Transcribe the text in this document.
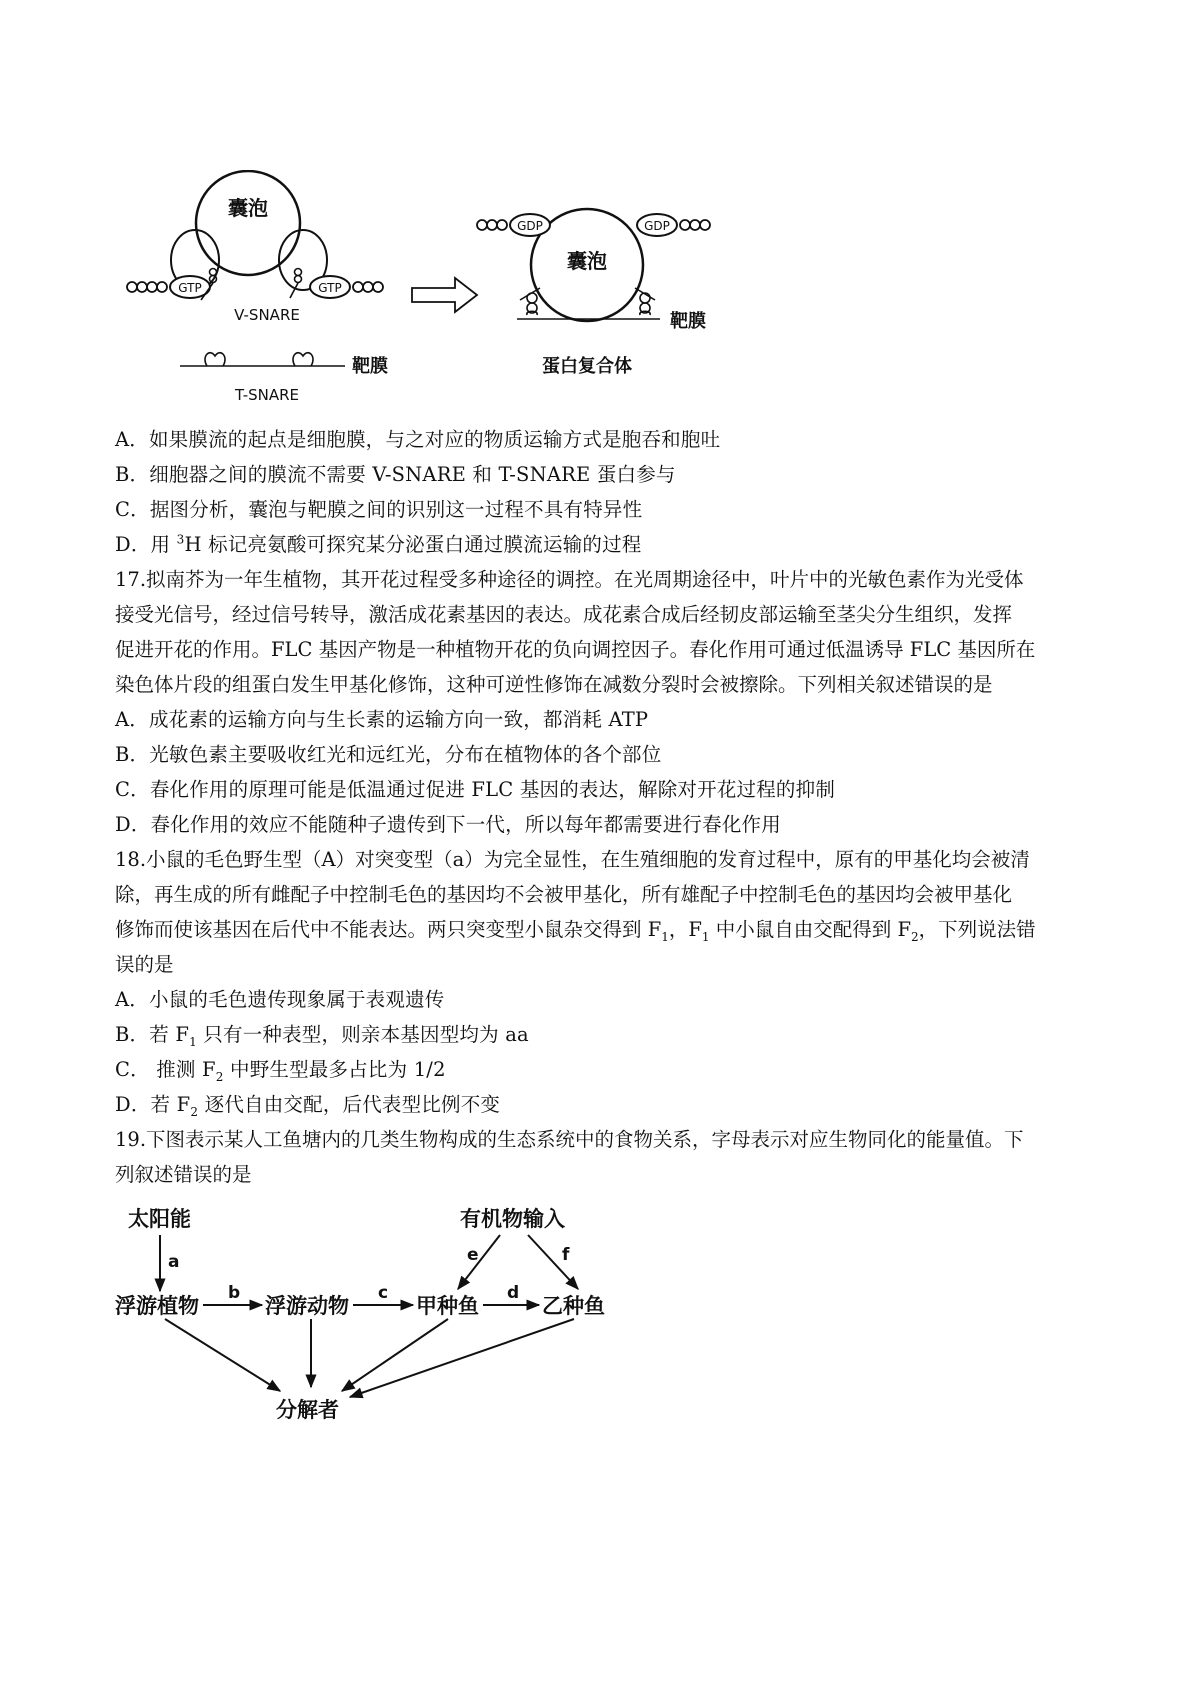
囊泡
GTP	GTP
V-SNARE
靶膜
T-SNARE
囊泡
GDP	GDP
靶膜
蛋白复合体
A．如果膜流的起点是细胞膜，与之对应的物质运输方式是胞吞和胞吐
B．细胞器之间的膜流不需要 V-SNARE 和 T-SNARE 蛋白参与
C．据图分析，囊泡与靶膜之间的识别这一过程不具有特异性
D．用 $^3$H 标记亮氨酸可探究某分泌蛋白通过膜流运输的过程
17.拟南芥为一年生植物，其开花过程受多种途径的调控。在光周期途径中，叶片中的光敏色素作为光受体
接受光信号，经过信号转导，激活成花素基因的表达。成花素合成后经韧皮部运输至茎尖分生组织，发挥
促进开花的作用。FLC 基因产物是一种植物开花的负向调控因子。春化作用可通过低温诱导 FLC 基因所在
染色体片段的组蛋白发生甲基化修饰，这种可逆性修饰在减数分裂时会被擦除。下列相关叙述错误的是
A．成花素的运输方向与生长素的运输方向一致，都消耗 ATP
B．光敏色素主要吸收红光和远红光，分布在植物体的各个部位
C．春化作用的原理可能是低温通过促进 FLC 基因的表达，解除对开花过程的抑制
D．春化作用的效应不能随种子遗传到下一代，所以每年都需要进行春化作用
18.小鼠的毛色野生型（A）对突变型（a）为完全显性，在生殖细胞的发育过程中，原有的甲基化均会被清
除，再生成的所有雌配子中控制毛色的基因均不会被甲基化，所有雄配子中控制毛色的基因均会被甲基化
修饰而使该基因在后代中不能表达。两只突变型小鼠杂交得到 $F_1$，$F_1$ 中小鼠自由交配得到 $F_2$，下列说法错
误的是
A．小鼠的毛色遗传现象属于表观遗传
B．若 $F_1$ 只有一种表型，则亲本基因型均为 aa
C． 推测 $F_2$ 中野生型最多占比为 1/2
D．若 $F_2$ 逐代自由交配，后代表型比例不变
19.下图表示某人工鱼塘内的几类生物构成的生态系统中的食物关系，字母表示对应生物同化的能量值。下
列叙述错误的是
太阳能	有机物输入
浮游植物	浮游动物	甲种鱼	乙种鱼
分解者
a
b	c	d
e	f
